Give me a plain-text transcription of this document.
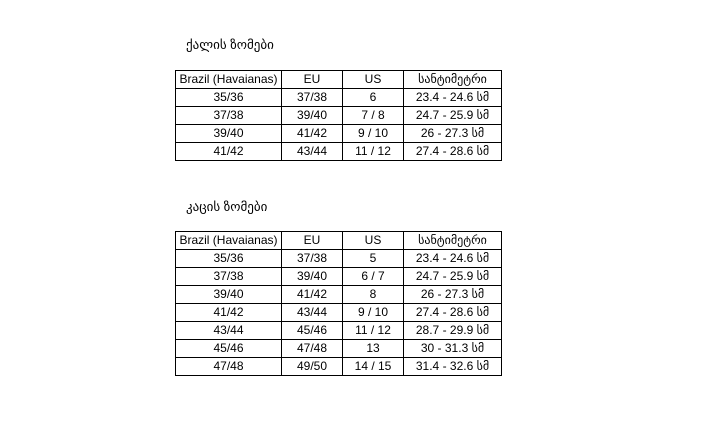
ქალის ზომები
Brazil (Havaianas)	EU	US	სანტიმეტრი
35/36	37/38	6	23.4 - 24.6 სმ
37/38	39/40	7 / 8	24.7 - 25.9 სმ
39/40	41/42	9 / 10	26 - 27.3 სმ
41/42	43/44	11 / 12	27.4 - 28.6 სმ
კაცის ზომები
Brazil (Havaianas)	EU	US	სანტიმეტრი
35/36	37/38	5	23.4 - 24.6 სმ
37/38	39/40	6 / 7	24.7 - 25.9 სმ
39/40	41/42	8	26 - 27.3 სმ
41/42	43/44	9 / 10	27.4 - 28.6 სმ
43/44	45/46	11 / 12	28.7 - 29.9 სმ
45/46	47/48	13	30 - 31.3 სმ
47/48	49/50	14 / 15	31.4 - 32.6 სმ
